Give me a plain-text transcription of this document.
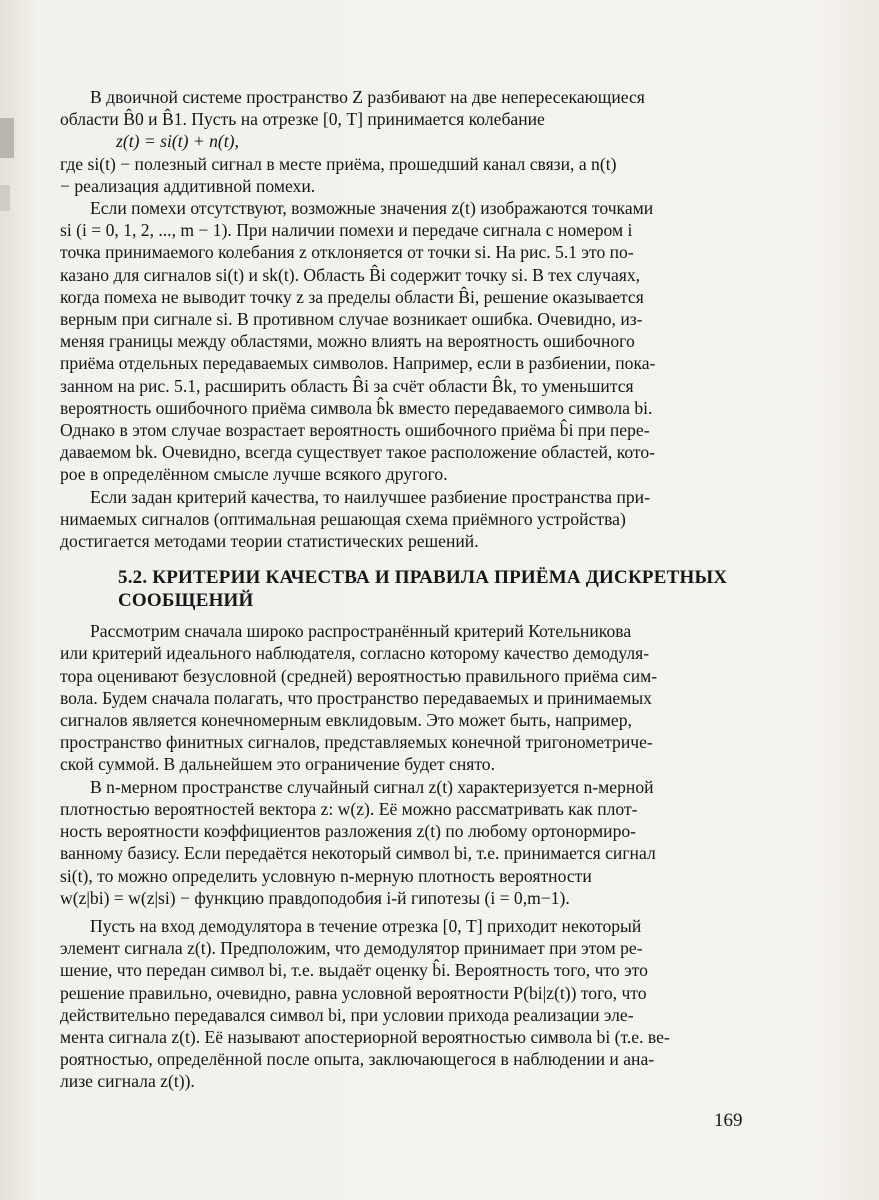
В двоичной системе пространство Z разбивают на две непересекающиеся

области B̂0 и B̂1. Пусть на отрезке [0, T] принимается колебание

z(t) = si(t) + n(t),

где si(t) − полезный сигнал в месте приёма, прошедший канал связи, а n(t)

− реализация аддитивной помехи.

Если помехи отсутствуют, возможные значения z(t) изображаются точками

si (i = 0, 1, 2, ..., m − 1). При наличии помехи и передаче сигнала с номером i

точка принимаемого колебания z отклоняется от точки si. На рис. 5.1 это по-

казано для сигналов si(t) и sk(t). Область B̂i содержит точку si. В тех случаях,

когда помеха не выводит точку z за пределы области B̂i, решение оказывается

верным при сигнале si. В противном случае возникает ошибка. Очевидно, из-

меняя границы между областями, можно влиять на вероятность ошибочного

приёма отдельных передаваемых символов. Например, если в разбиении, пока-

занном на рис. 5.1, расширить область B̂i за счёт области B̂k, то уменьшится

вероятность ошибочного приёма символа b̂k вместо передаваемого символа bi.

Однако в этом случае возрастает вероятность ошибочного приёма b̂i при пере-

даваемом bk. Очевидно, всегда существует такое расположение областей, кото-

рое в определённом смысле лучше всякого другого.

Если задан критерий качества, то наилучшее разбиение пространства при-

нимаемых сигналов (оптимальная решающая схема приёмного устройства)

достигается методами теории статистических решений.

5.2. КРИТЕРИИ КАЧЕСТВА И ПРАВИЛА ПРИЁМА ДИСКРЕТНЫХ СООБЩЕНИЙ

Рассмотрим сначала широко распространённый критерий Котельникова

или критерий идеального наблюдателя, согласно которому качество демодуля-

тора оценивают безусловной (средней) вероятностью правильного приёма сим-

вола. Будем сначала полагать, что пространство передаваемых и принимаемых

сигналов является конечномерным евклидовым. Это может быть, например,

пространство финитных сигналов, представляемых конечной тригонометриче-

ской суммой. В дальнейшем это ограничение будет снято.

В n-мерном пространстве случайный сигнал z(t) характеризуется n-мерной

плотностью вероятностей вектора z: w(z). Её можно рассматривать как плот-

ность вероятности коэффициентов разложения z(t) по любому ортонормиро-

ванному базису. Если передаётся некоторый символ bi, т.е. принимается сигнал

si(t), то можно определить условную n-мерную плотность вероятности

w(z|bi) = w(z|si) − функцию правдоподобия i-й гипотезы (i = 0,m−1).

Пусть на вход демодулятора в течение отрезка [0, T] приходит некоторый

элемент сигнала z(t). Предположим, что демодулятор принимает при этом ре-

шение, что передан символ bi, т.е. выдаёт оценку b̂i. Вероятность того, что это

решение правильно, очевидно, равна условной вероятности P(bi|z(t)) того, что

действительно передавался символ bi, при условии прихода реализации эле-

мента сигнала z(t). Её называют апостериорной вероятностью символа bi (т.е. ве-

роятностью, определённой после опыта, заключающегося в наблюдении и ана-

лизе сигнала z(t)).

169
